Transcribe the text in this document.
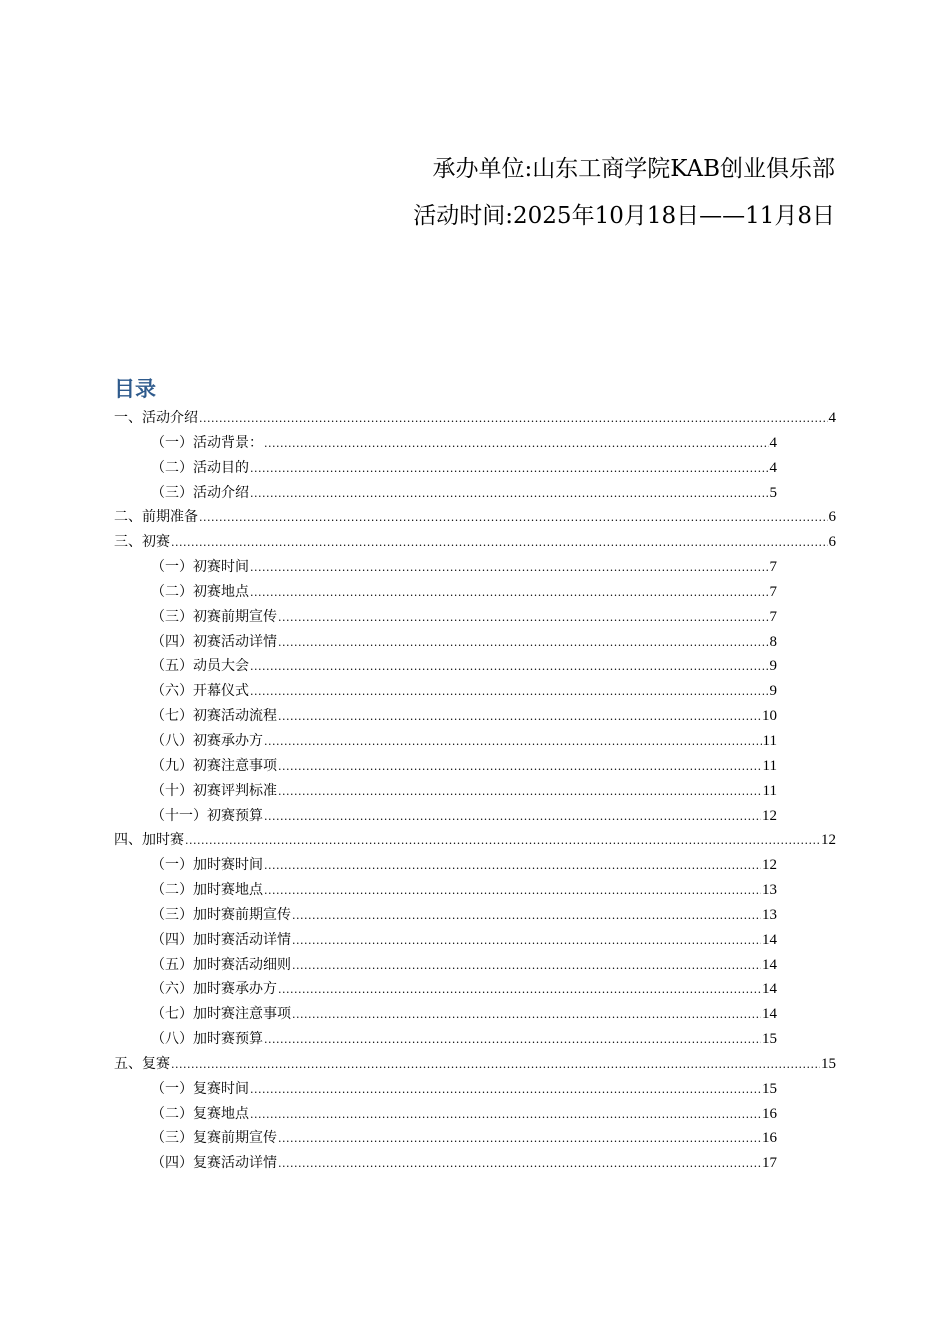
承办单位:山东工商学院KAB创业俱乐部
活动时间:2025年10月18日——11月8日
目录
一、活动介绍 .....	4
（一）活动背景： .....	4
（二）活动目的 .....	4
（三）活动介绍 .....	5
二、前期准备 .....	6
三、初赛 .....	6
（一）初赛时间 .....	7
（二）初赛地点 .....	7
（三）初赛前期宣传 .....	7
（四）初赛活动详情 .....	8
（五）动员大会 .....	9
（六）开幕仪式 .....	9
（七）初赛活动流程 .....	10
（八）初赛承办方 .....	11
（九）初赛注意事项 .....	11
（十）初赛评判标准 .....	11
（十一）初赛预算 .....	12
四、加时赛 .....	12
（一）加时赛时间 .....	12
（二）加时赛地点 .....	13
（三）加时赛前期宣传 .....	13
（四）加时赛活动详情 .....	14
（五）加时赛活动细则 .....	14
（六）加时赛承办方 .....	14
（七）加时赛注意事项 .....	14
（八）加时赛预算 .....	15
五、复赛 .....	15
（一）复赛时间 .....	15
（二）复赛地点 .....	16
（三）复赛前期宣传 .....	16
（四）复赛活动详情 .....	17
